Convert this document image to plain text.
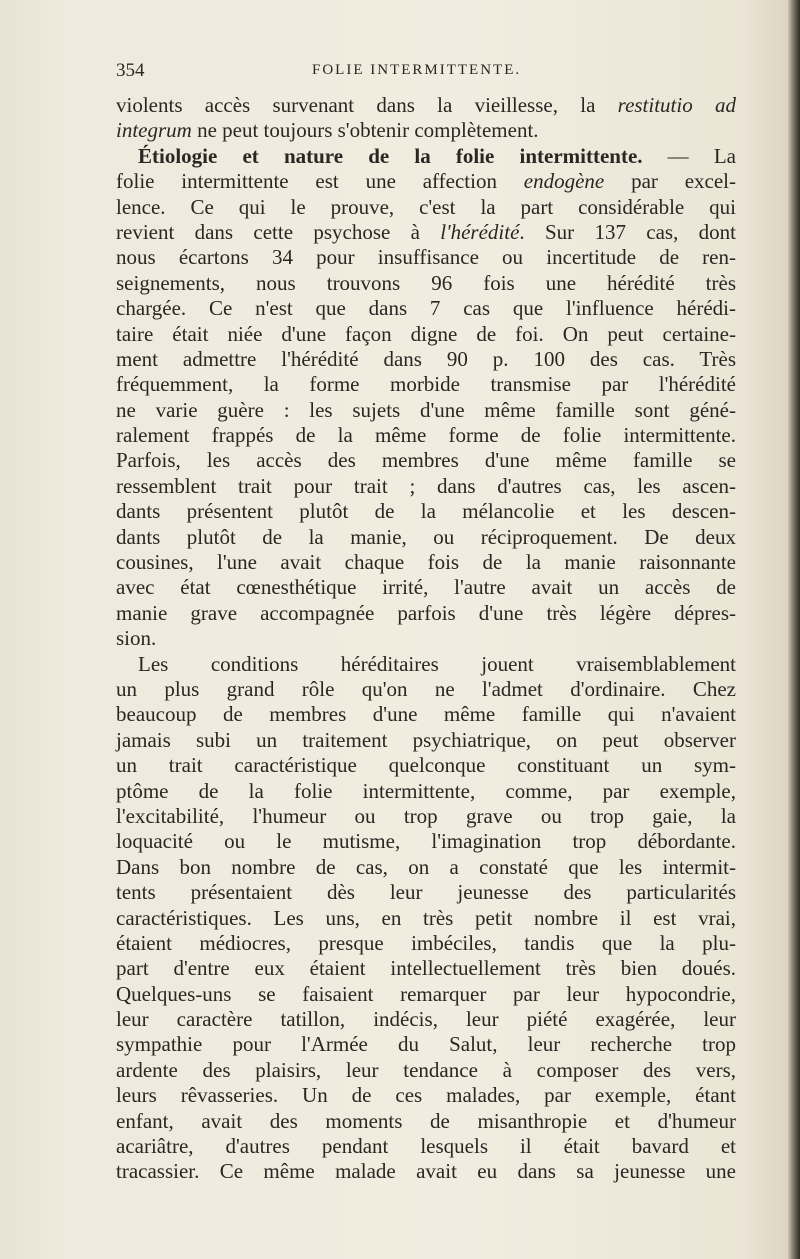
354	FOLIE INTERMITTENTE.
violents accès survenant dans la vieillesse, la restitutio ad
integrum ne peut toujours s'obtenir complètement.
Étiologie et nature de la folie intermittente. — La
folie intermittente est une affection endogène par excel-
lence. Ce qui le prouve, c'est la part considérable qui
revient dans cette psychose à l'hérédité. Sur 137 cas, dont
nous écartons 34 pour insuffisance ou incertitude de ren-
seignements, nous trouvons 96 fois une hérédité très
chargée. Ce n'est que dans 7 cas que l'influence hérédi-
taire était niée d'une façon digne de foi. On peut certaine-
ment admettre l'hérédité dans 90 p. 100 des cas. Très
fréquemment, la forme morbide transmise par l'hérédité
ne varie guère : les sujets d'une même famille sont géné-
ralement frappés de la même forme de folie intermittente.
Parfois, les accès des membres d'une même famille se
ressemblent trait pour trait ; dans d'autres cas, les ascen-
dants présentent plutôt de la mélancolie et les descen-
dants plutôt de la manie, ou réciproquement. De deux
cousines, l'une avait chaque fois de la manie raisonnante
avec état cœnesthétique irrité, l'autre avait un accès de
manie grave accompagnée parfois d'une très légère dépres-
sion.
Les conditions héréditaires jouent vraisemblablement
un plus grand rôle qu'on ne l'admet d'ordinaire. Chez
beaucoup de membres d'une même famille qui n'avaient
jamais subi un traitement psychiatrique, on peut observer
un trait caractéristique quelconque constituant un sym-
ptôme de la folie intermittente, comme, par exemple,
l'excitabilité, l'humeur ou trop grave ou trop gaie, la
loquacité ou le mutisme, l'imagination trop débordante.
Dans bon nombre de cas, on a constaté que les intermit-
tents présentaient dès leur jeunesse des particularités
caractéristiques. Les uns, en très petit nombre il est vrai,
étaient médiocres, presque imbéciles, tandis que la plu-
part d'entre eux étaient intellectuellement très bien doués.
Quelques-uns se faisaient remarquer par leur hypocondrie,
leur caractère tatillon, indécis, leur piété exagérée, leur
sympathie pour l'Armée du Salut, leur recherche trop
ardente des plaisirs, leur tendance à composer des vers,
leurs rêvasseries. Un de ces malades, par exemple, étant
enfant, avait des moments de misanthropie et d'humeur
acariâtre, d'autres pendant lesquels il était bavard et
tracassier. Ce même malade avait eu dans sa jeunesse une
